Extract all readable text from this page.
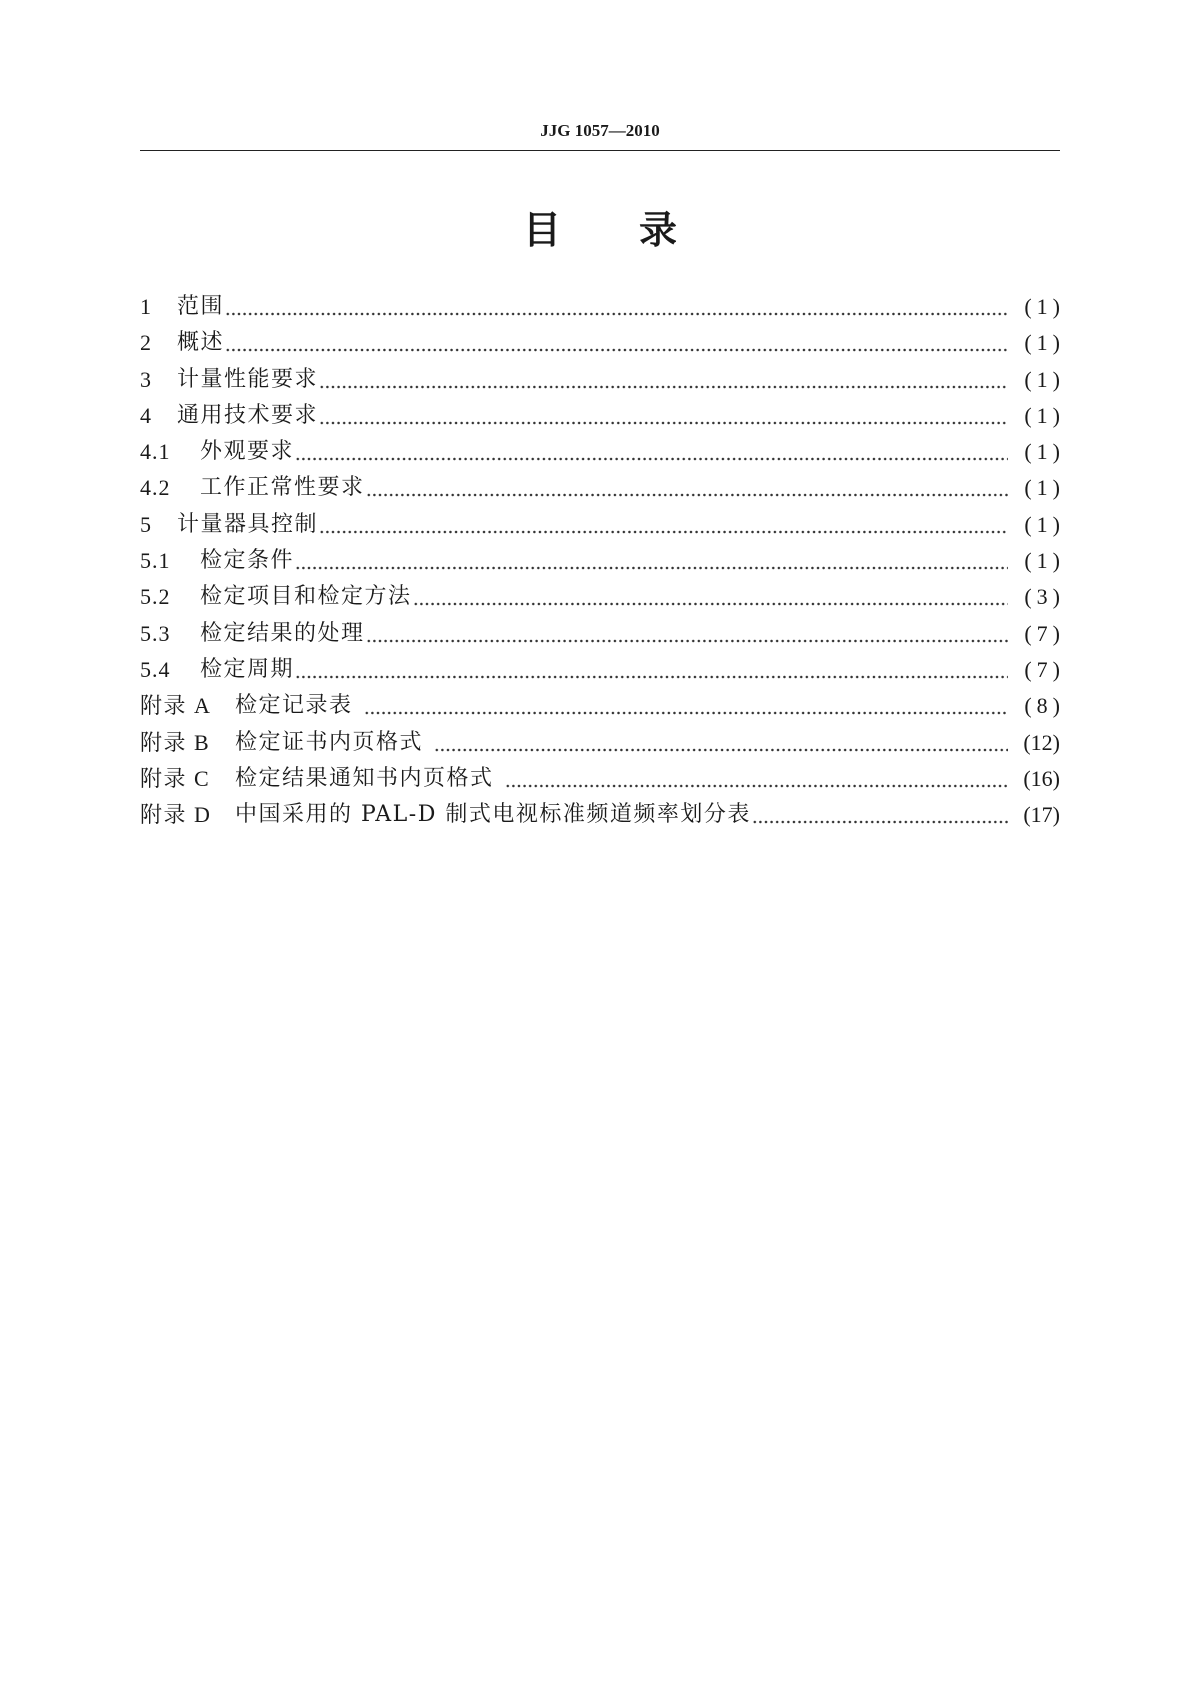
JJG 1057—2010
目录
1	范围	(1)
2	概述	(1)
3	计量性能要求	(1)
4	通用技术要求	(1)
4.1	外观要求	(1)
4.2	工作正常性要求	(1)
5	计量器具控制	(1)
5.1	检定条件	(1)
5.2	检定项目和检定方法	(3)
5.3	检定结果的处理	(7)
5.4	检定周期	(7)
附录 A	检定记录表	(8)
附录 B	检定证书内页格式	(12)
附录 C	检定结果通知书内页格式	(16)
附录 D	中国采用的 PAL-D 制式电视标准频道频率划分表	(17)
